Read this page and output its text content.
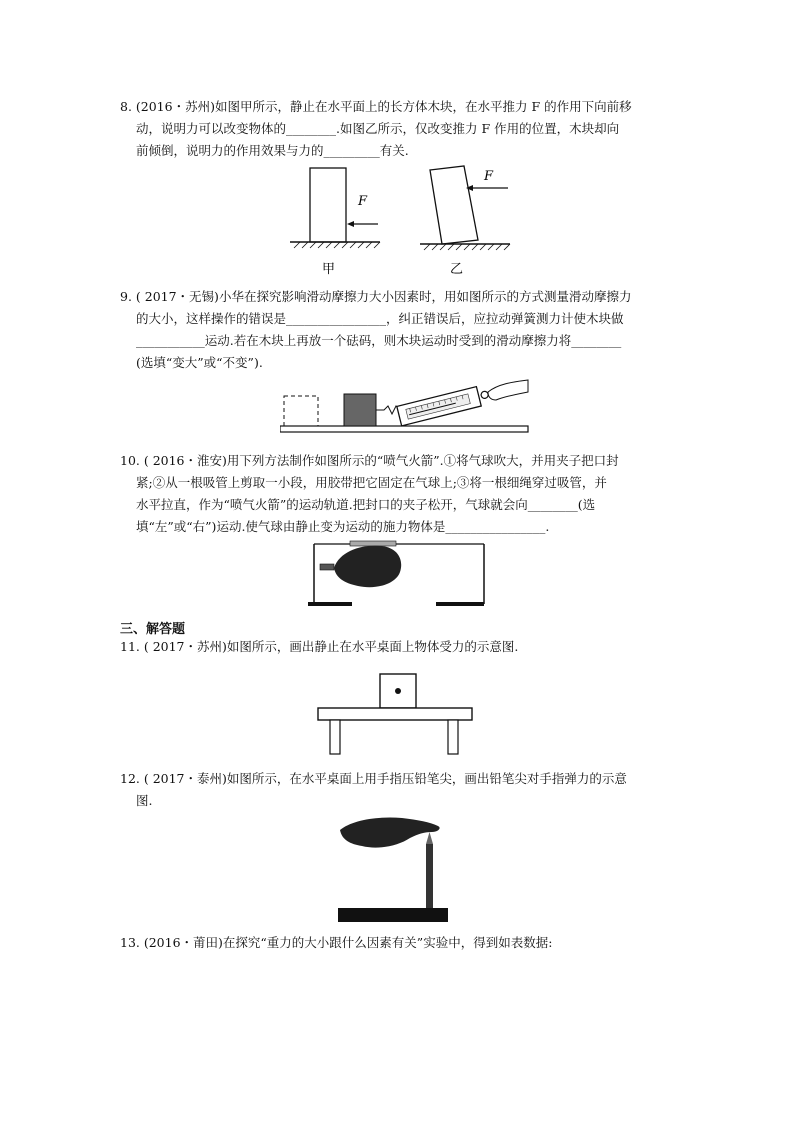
8. (2016・苏州)如图甲所示，静止在水平面上的长方体木块，在水平推力 F 的作用下向前移

动，说明力可以改变物体的________.如图乙所示，仅改变推力 F 作用的位置，木块却向

前倾倒，说明力的作用效果与力的_________有关.

F
甲
F
乙

9. ( 2017・无锡)小华在探究影响滑动摩擦力大小因素时，用如图所示的方式测量滑动摩擦力

的大小，这样操作的错误是________________，纠正错误后，应拉动弹簧测力计使木块做

___________运动.若在木块上再放一个砝码，则木块运动时受到的滑动摩擦力将________

(选填“变大”或“不变”).

10. ( 2016・淮安)用下列方法制作如图所示的“喷气火箭”.①将气球吹大，并用夹子把口封

紧;②从一根吸管上剪取一小段，用胶带把它固定在气球上;③将一根细绳穿过吸管，并

水平拉直，作为“喷气火箭”的运动轨道.把封口的夹子松开，气球就会向________(选

填“左”或“右”)运动.使气球由静止变为运动的施力物体是________________.

三、解答题

11. ( 2017・苏州)如图所示，画出静止在水平桌面上物体受力的示意图.

12. ( 2017・泰州)如图所示，在水平桌面上用手指压铅笔尖，画出铅笔尖对手指弹力的示意

图.

13. (2016・莆田)在探究“重力的大小跟什么因素有关”实验中，得到如表数据:
